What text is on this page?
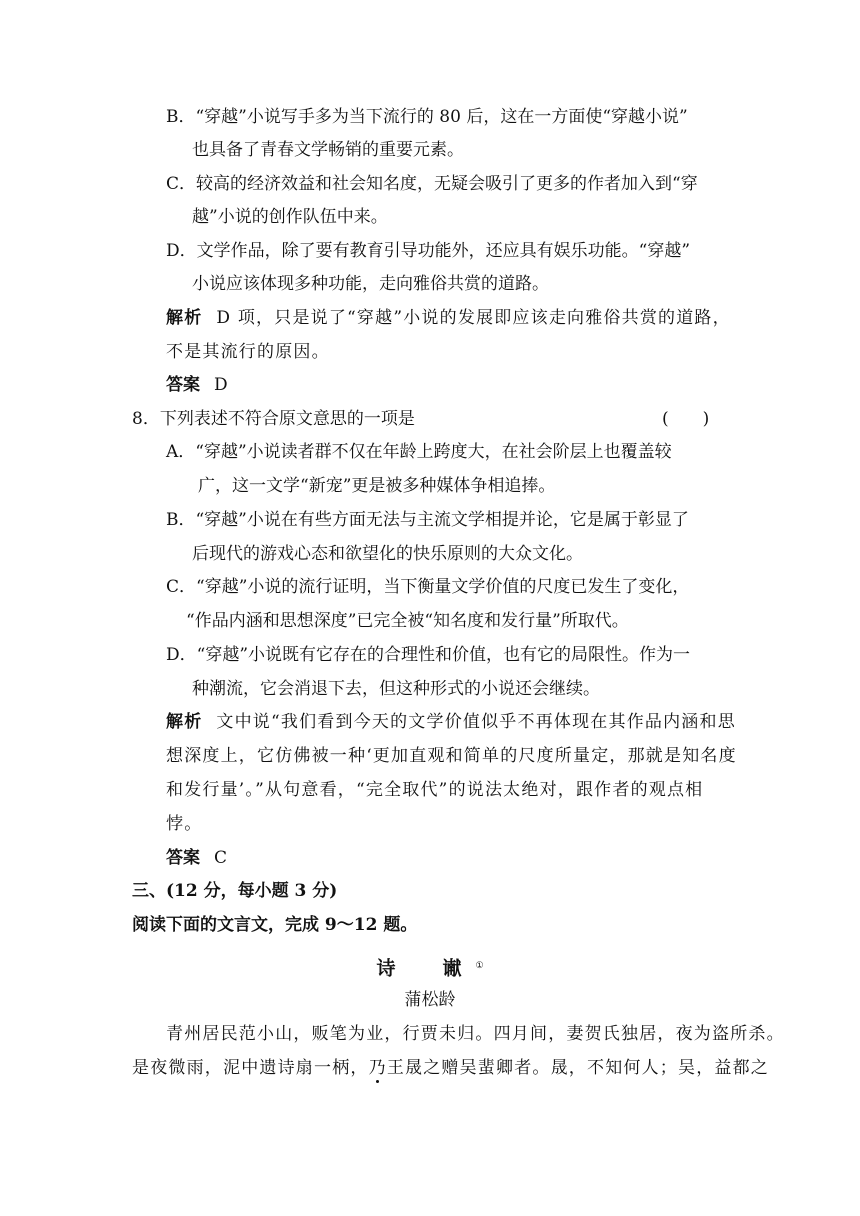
B．“穿越”小说写手多为当下流行的 80 后，这在一方面使“穿越小说”
也具备了青春文学畅销的重要元素。
C．较高的经济效益和社会知名度，无疑会吸引了更多的作者加入到“穿
越”小说的创作队伍中来。
D．文学作品，除了要有教育引导功能外，还应具有娱乐功能。“穿越”
小说应该体现多种功能，走向雅俗共赏的道路。
解析 D 项，只是说了“穿越”小说的发展即应该走向雅俗共赏的道路，
不是其流行的原因。
答案 D
8．下列表述不符合原文意思的一项是	(　　)
A．“穿越”小说读者群不仅在年龄上跨度大，在社会阶层上也覆盖较
广，这一文学“新宠”更是被多种媒体争相追捧。
B．“穿越”小说在有些方面无法与主流文学相提并论，它是属于彰显了
后现代的游戏心态和欲望化的快乐原则的大众文化。
C．“穿越”小说的流行证明，当下衡量文学价值的尺度已发生了变化，
“作品内涵和思想深度”已完全被“知名度和发行量”所取代。
D．“穿越”小说既有它存在的合理性和价值，也有它的局限性。作为一
种潮流，它会消退下去，但这种形式的小说还会继续。
解析 文中说“我们看到今天的文学价值似乎不再体现在其作品内涵和思
想深度上，它仿佛被一种‘更加直观和简单的尺度所量定，那就是知名度
和发行量’。”从句意看，“完全取代”的说法太绝对，跟作者的观点相
悖。
答案 C
三、(12 分，每小题 3 分)
阅读下面的文言文，完成 9～12 题。
诗　谳①
蒲松龄
青州居民范小山，贩笔为业，行贾未归。四月间，妻贺氏独居，夜为盗所杀。
是夜微雨，泥中遗诗扇一柄，乃王晟之赠吴蜚卿者。晟，不知何人；吴，益都之
